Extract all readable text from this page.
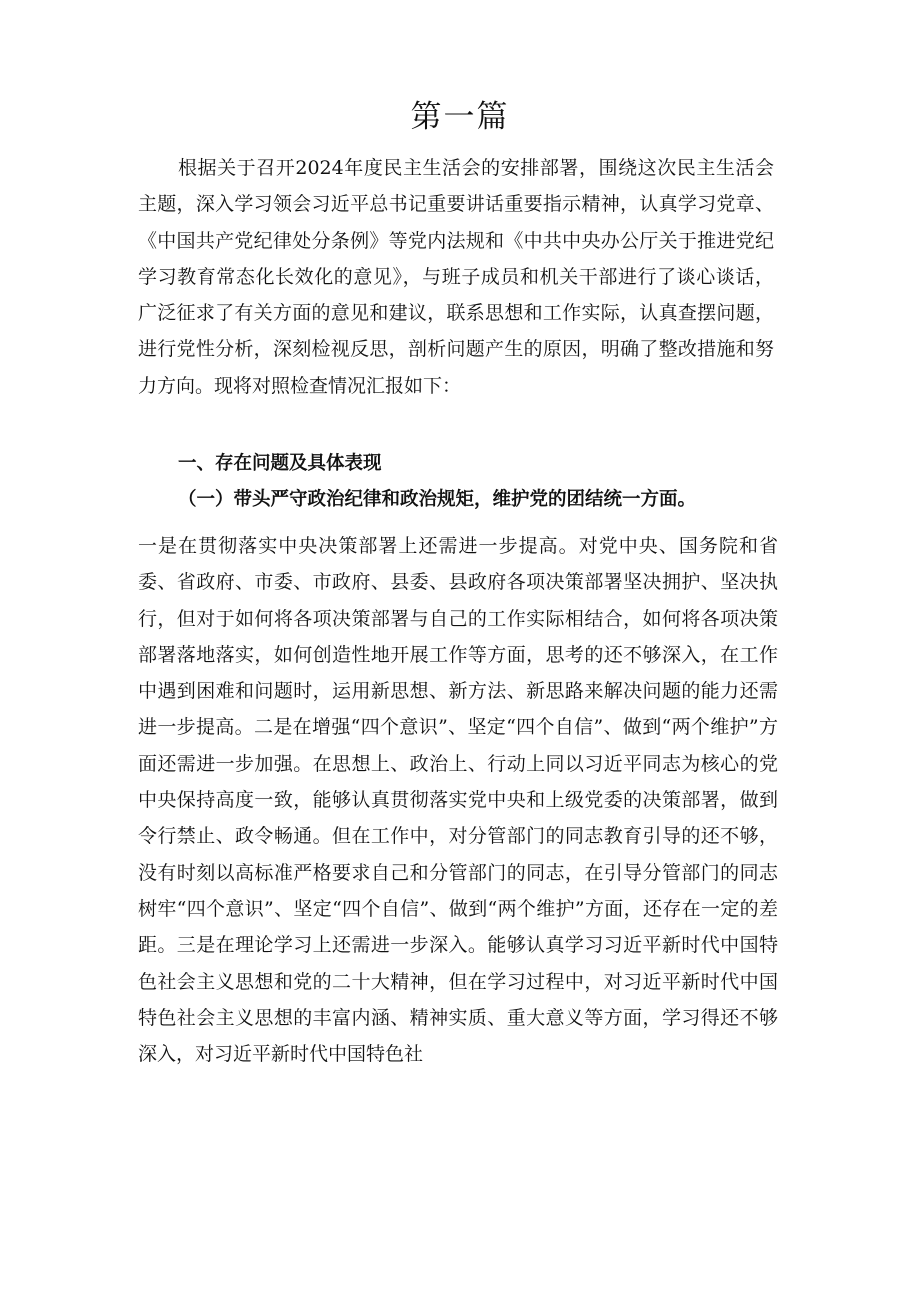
第一篇

根据关于召开2024年度民主生活会的安排部署，围绕这次民主生活会主题，深入学习领会习近平总书记重要讲话重要指示精神，认真学习党章、《中国共产党纪律处分条例》等党内法规和《中共中央办公厅关于推进党纪学习教育常态化长效化的意见》，与班子成员和机关干部进行了谈心谈话，广泛征求了有关方面的意见和建议，联系思想和工作实际，认真查摆问题，进行党性分析，深刻检视反思，剖析问题产生的原因，明确了整改措施和努力方向。现将对照检查情况汇报如下：

一、存在问题及具体表现

（一）带头严守政治纪律和政治规矩，维护党的团结统一方面。

一是在贯彻落实中央决策部署上还需进一步提高。对党中央、国务院和省委、省政府、市委、市政府、县委、县政府各项决策部署坚决拥护、坚决执行，但对于如何将各项决策部署与自己的工作实际相结合，如何将各项决策部署落地落实，如何创造性地开展工作等方面，思考的还不够深入，在工作中遇到困难和问题时，运用新思想、新方法、新思路来解决问题的能力还需进一步提高。二是在增强“四个意识”、坚定“四个自信”、做到“两个维护”方面还需进一步加强。在思想上、政治上、行动上同以习近平同志为核心的党中央保持高度一致，能够认真贯彻落实党中央和上级党委的决策部署，做到令行禁止、政令畅通。但在工作中，对分管部门的同志教育引导的还不够，没有时刻以高标准严格要求自己和分管部门的同志，在引导分管部门的同志树牢“四个意识”、坚定“四个自信”、做到“两个维护”方面，还存在一定的差距。三是在理论学习上还需进一步深入。能够认真学习习近平新时代中国特色社会主义思想和党的二十大精神，但在学习过程中，对习近平新时代中国特色社会主义思想的丰富内涵、精神实质、重大意义等方面，学习得还不够深入，对习近平新时代中国特色社
